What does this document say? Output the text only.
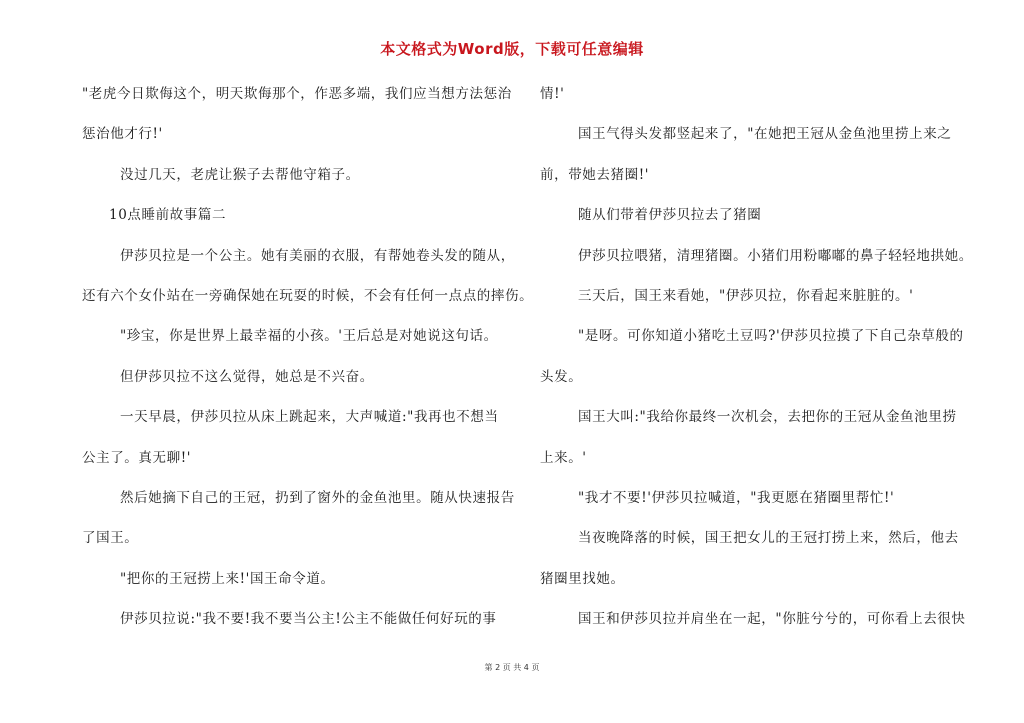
本文格式为Word版，下载可任意编辑
"老虎今日欺侮这个，明天欺侮那个，作恶多端，我们应当想方法惩治
惩治他才行!'
没过几天，老虎让猴子去帮他守箱子。
10点睡前故事篇二
伊莎贝拉是一个公主。她有美丽的衣服，有帮她卷头发的随从，
还有六个女仆站在一旁确保她在玩耍的时候，不会有任何一点点的摔伤。
"珍宝，你是世界上最幸福的小孩。'王后总是对她说这句话。
但伊莎贝拉不这么觉得，她总是不兴奋。
一天早晨，伊莎贝拉从床上跳起来，大声喊道:"我再也不想当
公主了。真无聊!'
然后她摘下自己的王冠，扔到了窗外的金鱼池里。随从快速报告
了国王。
"把你的王冠捞上来!'国王命令道。
伊莎贝拉说:"我不要!我不要当公主!公主不能做任何好玩的事
情!'
国王气得头发都竖起来了，"在她把王冠从金鱼池里捞上来之
前，带她去猪圈!'
随从们带着伊莎贝拉去了猪圈
伊莎贝拉喂猪，清理猪圈。小猪们用粉嘟嘟的鼻子轻轻地拱她。
三天后，国王来看她，"伊莎贝拉，你看起来脏脏的。'
"是呀。可你知道小猪吃土豆吗?'伊莎贝拉摸了下自己杂草般的
头发。
国王大叫:"我给你最终一次机会，去把你的王冠从金鱼池里捞
上来。'
"我才不要!'伊莎贝拉喊道，"我更愿在猪圈里帮忙!'
当夜晚降落的时候，国王把女儿的王冠打捞上来，然后，他去
猪圈里找她。
国王和伊莎贝拉并肩坐在一起，"你脏兮兮的，可你看上去很快
第 2 页 共 4 页
